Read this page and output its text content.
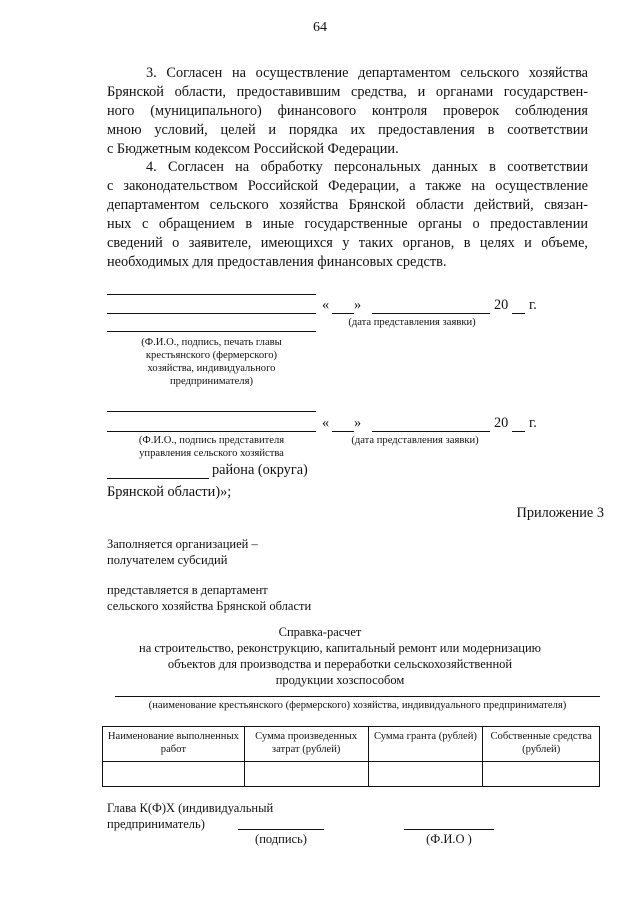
64
3. Согласен на осуществление департаментом сельского хозяйства
Брянской области, предоставившим средства, и органами государствен-
ного (муниципального) финансового контроля проверок соблюдения
мною условий, целей и порядка их предоставления в соответствии
с Бюджетным кодексом Российской Федерации.
4. Согласен на обработку персональных данных в соответствии
с законодательством Российской Федерации, а также на осуществление
департаментом сельского хозяйства Брянской области действий, связан-
ных с обращением в иные государственные органы о предоставлении
сведений о заявителе, имеющихся у таких органов, в целях и объеме,
необходимых для предоставления финансовых средств.
« »	20 г.
(дата представления заявки)
(Ф.И.О., подпись, печать главы
крестьянского (фермерского)
хозяйства, индивидуального
предпринимателя)
« »	20 г.
(дата представления заявки)
(Ф.И.О., подпись представителя
управления сельского хозяйства
района (округа)
Брянской области)»;
Приложение 3
Заполняется организацией –
получателем субсидий
представляется в департамент
сельского хозяйства Брянской области
Справка-расчет
на строительство, реконструкцию, капитальный ремонт или модернизацию
объектов для производства и переработки сельскохозяйственной
продукции хозспособом
(наименование крестьянского (фермерского) хозяйства, индивидуального предпринимателя)
Наименование выполненных работ	Сумма произведенных затрат (рублей)	Сумма гранта (рублей)	Собственные средства (рублей)

Глава К(Ф)Х (индивидуальный
предприниматель)
(подпись)	(Ф.И.О )
